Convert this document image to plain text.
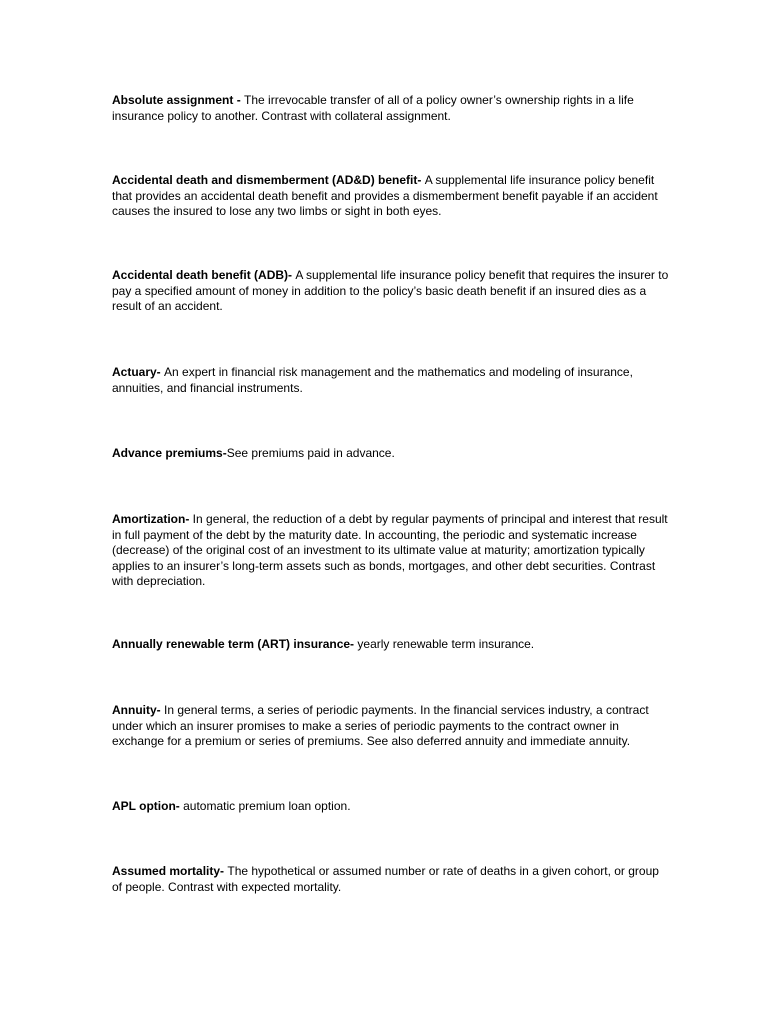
Absolute assignment - The irrevocable transfer of all of a policy owner’s ownership rights in a life insurance policy to another. Contrast with collateral assignment.

Accidental death and dismemberment (AD&D) benefit- A supplemental life insurance policy benefit that provides an accidental death benefit and provides a dismemberment benefit payable if an accident causes the insured to lose any two limbs or sight in both eyes.

Accidental death benefit (ADB)- A supplemental life insurance policy benefit that requires the insurer to pay a specified amount of money in addition to the policy’s basic death benefit if an insured dies as a result of an accident.

Actuary- An expert in financial risk management and the mathematics and modeling of insurance, annuities, and financial instruments.

Advance premiums-See premiums paid in advance.

Amortization- In general, the reduction of a debt by regular payments of principal and interest that result in full payment of the debt by the maturity date. In accounting, the periodic and systematic increase (decrease) of the original cost of an investment to its ultimate value at maturity; amortization typically applies to an insurer’s long-term assets such as bonds, mortgages, and other debt securities. Contrast with depreciation.

Annually renewable term (ART) insurance- yearly renewable term insurance.

Annuity- In general terms, a series of periodic payments. In the financial services industry, a contract under which an insurer promises to make a series of periodic payments to the contract owner in exchange for a premium or series of premiums. See also deferred annuity and immediate annuity.

APL option- automatic premium loan option.

Assumed mortality- The hypothetical or assumed number or rate of deaths in a given cohort, or group of people. Contrast with expected mortality.
